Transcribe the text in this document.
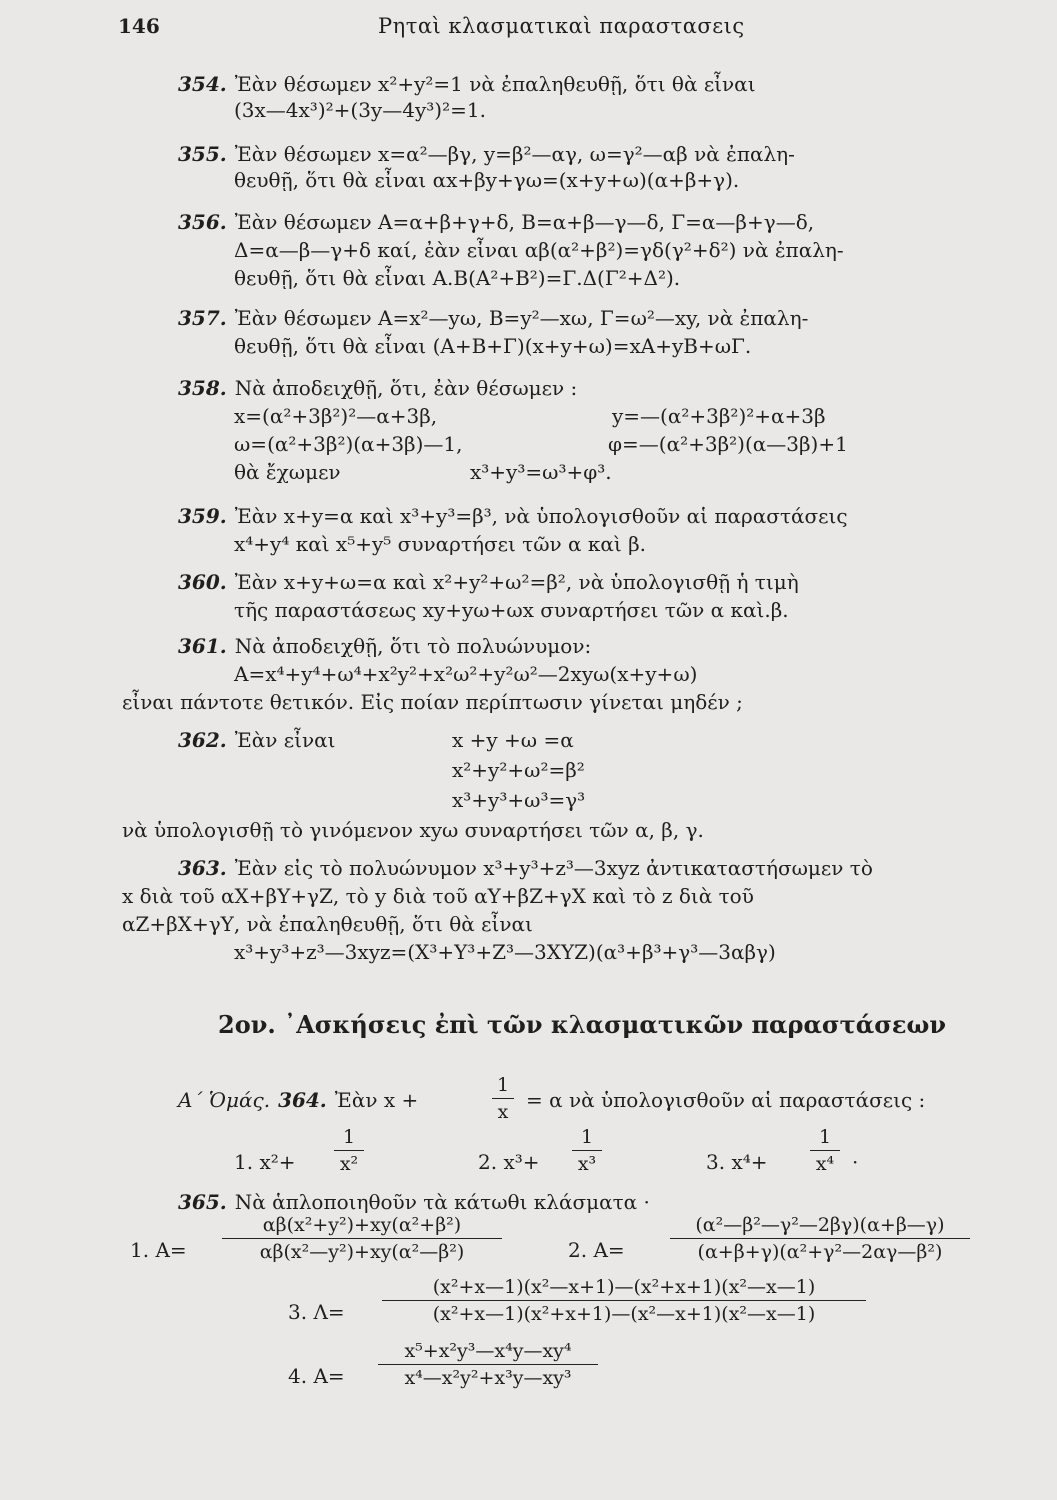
146	Ρηταὶ κλασματικαὶ παραστασεις
354. Ἐὰν θέσωμεν x²+y²=1 νὰ ἐπαληθευθῇ, ὅτι θὰ εἶναι
(3x—4x³)²+(3y—4y³)²=1.
355. Ἐὰν θέσωμεν x=α²—βγ, y=β²—αγ, ω=γ²—αβ νὰ ἐπαλη-
θευθῇ, ὅτι θὰ εἶναι αx+βy+γω=(x+y+ω)(α+β+γ).
356. Ἐὰν θέσωμεν Α=α+β+γ+δ, Β=α+β—γ—δ, Γ=α—β+γ—δ,
Δ=α—β—γ+δ καί, ἐὰν εἶναι αβ(α²+β²)=γδ(γ²+δ²) νὰ ἐπαλη-
θευθῇ, ὅτι θὰ εἶναι Α.Β(Α²+Β²)=Γ.Δ(Γ²+Δ²).
357. Ἐὰν θέσωμεν Α=x²—yω, Β=y²—xω, Γ=ω²—xy, νὰ ἐπαλη-
θευθῇ, ὅτι θὰ εἶναι (Α+Β+Γ)(x+y+ω)=xΑ+yΒ+ωΓ.
358. Νὰ ἀποδειχθῇ, ὅτι, ἐὰν θέσωμεν :
x=(α²+3β²)²—α+3β,	y=—(α²+3β²)²+α+3β
ω=(α²+3β²)(α+3β)—1,	φ=—(α²+3β²)(α—3β)+1
θὰ ἔχωμεν	x³+y³=ω³+φ³.
359. Ἐὰν x+y=α καὶ x³+y³=β³, νὰ ὑπολογισθοῦν αἱ παραστάσεις
x⁴+y⁴ καὶ x⁵+y⁵ συναρτήσει τῶν α καὶ β.
360. Ἐὰν x+y+ω=α καὶ x²+y²+ω²=β², νὰ ὑπολογισθῇ ἡ τιμὴ
τῆς παραστάσεως xy+yω+ωx συναρτήσει τῶν α καὶ.β.
361. Νὰ ἀποδειχθῇ, ὅτι τὸ πολυώνυμον:
Α=x⁴+y⁴+ω⁴+x²y²+x²ω²+y²ω²—2xyω(x+y+ω)
εἶναι πάντοτε θετικόν. Εἰς ποίαν περίπτωσιν γίνεται μηδέν ;
362. Ἐὰν εἶναι	x +y +ω =α
x²+y²+ω²=β²
x³+y³+ω³=γ³
νὰ ὑπολογισθῇ τὸ γινόμενον xyω συναρτήσει τῶν α, β, γ.
363. Ἐὰν εἰς τὸ πολυώνυμον x³+y³+z³—3xyz ἀντικαταστήσωμεν τὸ
x διὰ τοῦ αΧ+βΥ+γΖ, τὸ y διὰ τοῦ αΥ+βΖ+γΧ καὶ τὸ z διὰ τοῦ
αΖ+βΧ+γΥ, νὰ ἐπαληθευθῇ, ὅτι θὰ εἶναι
x³+y³+z³—3xyz=(Χ³+Υ³+Ζ³—3ΧΥΖ)(α³+β³+γ³—3αβγ)
2ον. ᾿Ασκήσεις ἐπὶ τῶν κλασματικῶν παραστάσεων
Α΄ Ὁμάς. 364. Ἐὰν x +
1
x = α νὰ ὑπολογισθοῦν αἱ παραστάσεις :
1. x²+
1
x²	2. x³+
1
x³	3. x⁴+
1
x⁴ ·
365. Νὰ ἁπλοποιηθοῦν τὰ κάτωθι κλάσματα ·
1. Α=
αβ(x²+y²)+xy(α²+β²)
αβ(x²—y²)+xy(α²—β²)	2. Α=
(α²—β²—γ²—2βγ)(α+β—γ)
(α+β+γ)(α²+γ²—2αγ—β²)
3. Λ=
(x²+x—1)(x²—x+1)—(x²+x+1)(x²—x—1)
(x²+x—1)(x²+x+1)—(x²—x+1)(x²—x—1)
4. Α=
x⁵+x²y³—x⁴y—xy⁴
x⁴—x²y²+x³y—xy³
